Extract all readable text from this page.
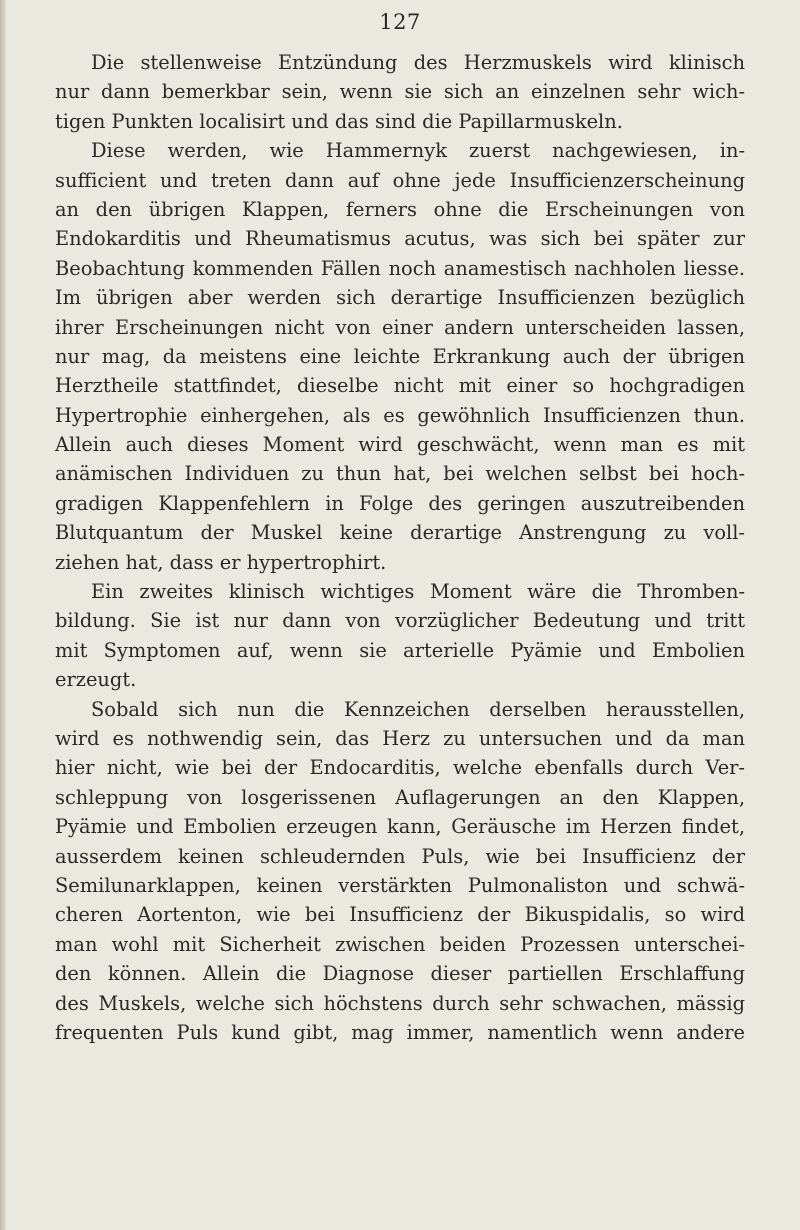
127
Die stellenweise Entzündung des Herzmuskels wird klinisch
nur dann bemerkbar sein, wenn sie sich an einzelnen sehr wich-
tigen Punkten localisirt und das sind die Papillarmuskeln.
Diese werden, wie Hammernyk zuerst nachgewiesen, in-
sufficient und treten dann auf ohne jede Insufficienzerscheinung
an den übrigen Klappen, ferners ohne die Erscheinungen von
Endokarditis und Rheumatismus acutus, was sich bei später zur
Beobachtung kommenden Fällen noch anamestisch nachholen liesse.
Im übrigen aber werden sich derartige Insufficienzen bezüglich
ihrer Erscheinungen nicht von einer andern unterscheiden lassen,
nur mag, da meistens eine leichte Erkrankung auch der übrigen
Herztheile stattfindet, dieselbe nicht mit einer so hochgradigen
Hypertrophie einhergehen, als es gewöhnlich Insufficienzen thun.
Allein auch dieses Moment wird geschwächt, wenn man es mit
anämischen Individuen zu thun hat, bei welchen selbst bei hoch-
gradigen Klappenfehlern in Folge des geringen auszutreibenden
Blutquantum der Muskel keine derartige Anstrengung zu voll-
ziehen hat, dass er hypertrophirt.
Ein zweites klinisch wichtiges Moment wäre die Thromben-
bildung. Sie ist nur dann von vorzüglicher Bedeutung und tritt
mit Symptomen auf, wenn sie arterielle Pyämie und Embolien
erzeugt.
Sobald sich nun die Kennzeichen derselben herausstellen,
wird es nothwendig sein, das Herz zu untersuchen und da man
hier nicht, wie bei der Endocarditis, welche ebenfalls durch Ver-
schleppung von losgerissenen Auflagerungen an den Klappen,
Pyämie und Embolien erzeugen kann, Geräusche im Herzen findet,
ausserdem keinen schleudernden Puls, wie bei Insufficienz der
Semilunarklappen, keinen verstärkten Pulmonaliston und schwä-
cheren Aortenton, wie bei Insufficienz der Bikuspidalis, so wird
man wohl mit Sicherheit zwischen beiden Prozessen unterschei-
den können. Allein die Diagnose dieser partiellen Erschlaffung
des Muskels, welche sich höchstens durch sehr schwachen, mässig
frequenten Puls kund gibt, mag immer, namentlich wenn andere
